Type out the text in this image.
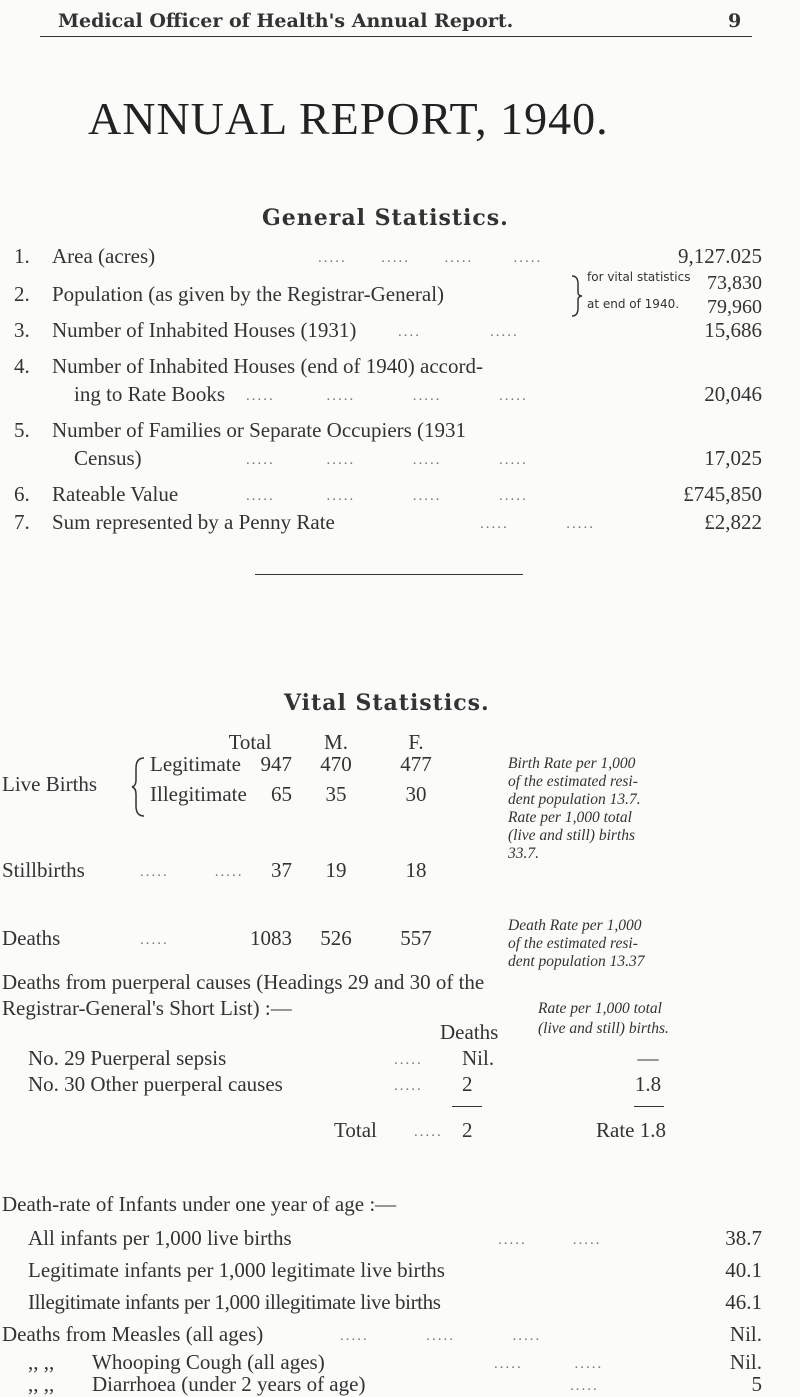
Medical Officer of Health's Annual Report.	9
ANNUAL REPORT, 1940.
General Statistics.
1. Area (acres)	.....      .....      .....       .....	9,127.025
2. Population (as given by the Registrar-General)
for vital statistics 73,830
at end of 1940.	79,960
3. Number of Inhabited Houses (1931)	....            .....	15,686
4. Number of Inhabited Houses (end of 1940) accord-
ing to Rate Books .....         .....          .....          .....	20,046
5. Number of Families or Separate Occupiers (1931
Census)	.....         .....          .....          .....	17,025
6. Rateable Value	.....         .....          .....          .....	£745,850
7. Sum represented by a Penny Rate	.....          .....	£2,822
Vital Statistics.
Total	M.	F.
Live Births
Legitimate 947	470	477
Illegitimate	65	35	30
Stillbirths	.....        .....	37	19	18
Birth Rate per 1,000
of the estimated resi-
dent population 13.7.
Rate per 1,000 total
(live and still) births
33.7.
Deaths	.....	1083	526	557
Death Rate per 1,000
of the estimated resi-
dent population 13.37
Deaths from puerperal causes (Headings 29 and 30 of the
Registrar-General's Short List) :—	Rate per 1,000 total
(live and still) births.
Deaths
No. 29 Puerperal sepsis	..... Nil.	—
No. 30 Other puerperal causes	..... 2	1.8
Total ..... 2	Rate 1.8
Death-rate of Infants under one year of age :—
All infants per 1,000 live births	.....        .....	38.7
Legitimate infants per 1,000 legitimate live births	40.1
Illegitimate infants per 1,000 illegitimate live births	46.1
Deaths from Measles (all ages)	.....          .....          .....	Nil.
,, ,, Whooping Cough (all ages)	.....         .....	Nil.
,, ,, Diarrhoea (under 2 years of age)	.....	5
